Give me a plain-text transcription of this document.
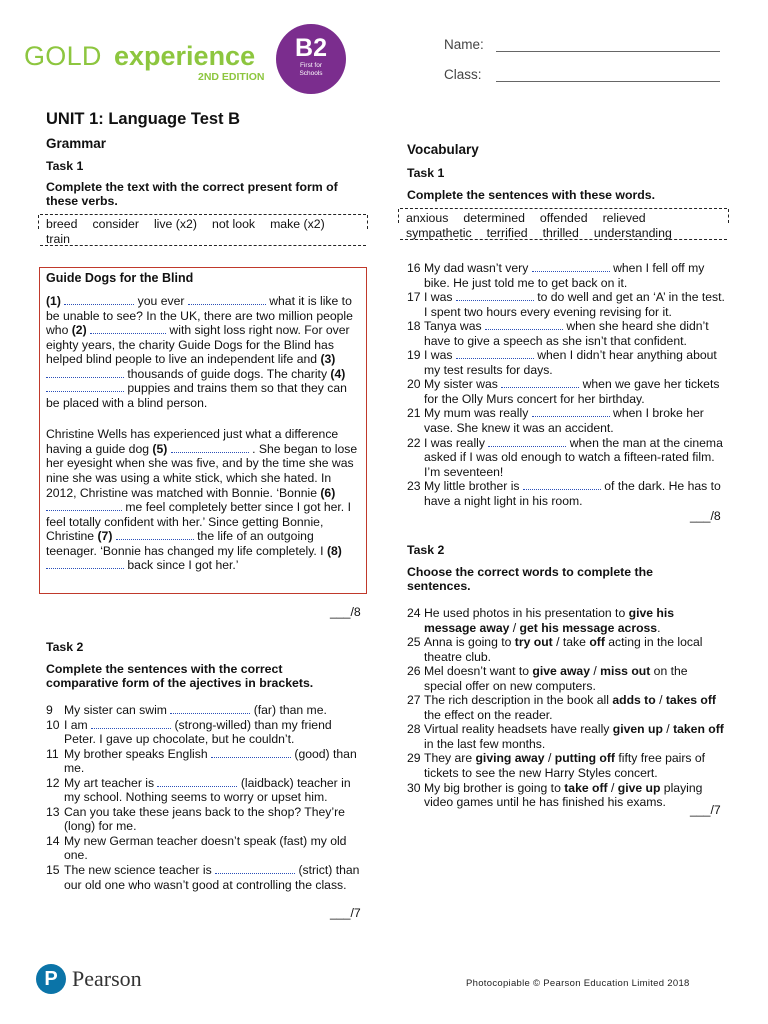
GOLD experience
2ND EDITION
B2
First for
Schools
Name:
Class:
UNIT 1: Language Test B
Grammar
Task 1
Complete the text with the correct present form of
these verbs.
breed consider live (x2) not look make (x2)
train
Guide Dogs for the Blind

(1)	you ever	what it is like to be unable to see? In the UK, there are two million people who (2)	with sight loss right now. For over eighty years, the charity Guide Dogs for the Blind has helped blind people to live an independent life and (3)  thousands of guide dogs. The charity (4)  puppies and trains them so that they can be placed with a blind person.

Christine Wells has experienced just what a difference having a guide dog (5)	. She began to lose her eyesight when she was five, and by the time she was nine she was using a white stick, which she hated. In 2012, Christine was matched with Bonnie. ‘Bonnie (6)  me feel completely better since I got her. I feel totally confident with her.’ Since getting Bonnie, Christine (7)	the life of an outgoing teenager. ‘Bonnie has changed my life completely. I (8)  back since I got her.’

___/8
Task 2
Complete the sentences with the correct
comparative form of the ajectives in brackets.
9 My sister can swim	(far) than me.
10 I am	(strong-willed) than my friend Peter. I gave up chocolate, but he couldn’t.
11 My brother speaks English	(good) than me.
12 My art teacher is	(laidback) teacher in my school. Nothing seems to worry or upset him.
13 Can you take these jeans back to the shop? They’re (long) for me.
14 My new German teacher doesn’t speak (fast) my old one.
15 The new science teacher is	(strict) than our old one who wasn’t good at controlling the class.
___/7
Vocabulary
Task 1
Complete the sentences with these words.
anxious determined offended relieved
sympathetic terrified thrilled understanding
16 My dad wasn’t very	when I fell off my bike. He just told me to get back on it.
17 I was	to do well and get an ‘A’ in the test. I spent two hours every evening revising for it.
18 Tanya was	when she heard she didn’t have to give a speech as she isn’t that confident.
19 I was	when I didn’t hear anything about my test results for days.
20 My sister was	when we gave her tickets for the Olly Murs concert for her birthday.
21 My mum was really	when I broke her vase. She knew it was an accident.
22 I was really	when the man at the cinema asked if I was old enough to watch a fifteen-rated film. I’m seventeen!
23 My little brother is	of the dark. He has to have a night light in his room.
___/8
Task 2
Choose the correct words to complete the
sentences.
24 He used photos in his presentation to give his message away / get his message across.
25 Anna is going to try out / take off acting in the local theatre club.
26 Mel doesn’t want to give away / miss out on the special offer on new computers.
27 The rich description in the book all adds to / takes off the effect on the reader.
28 Virtual reality headsets have really given up / taken off in the last few months.
29 They are giving away / putting off fifty free pairs of tickets to see the new Harry Styles concert.
30 My big brother is going to take off / give up playing video games until he has finished his exams.
___/7
P Pearson	Photocopiable © Pearson Education Limited 2018
